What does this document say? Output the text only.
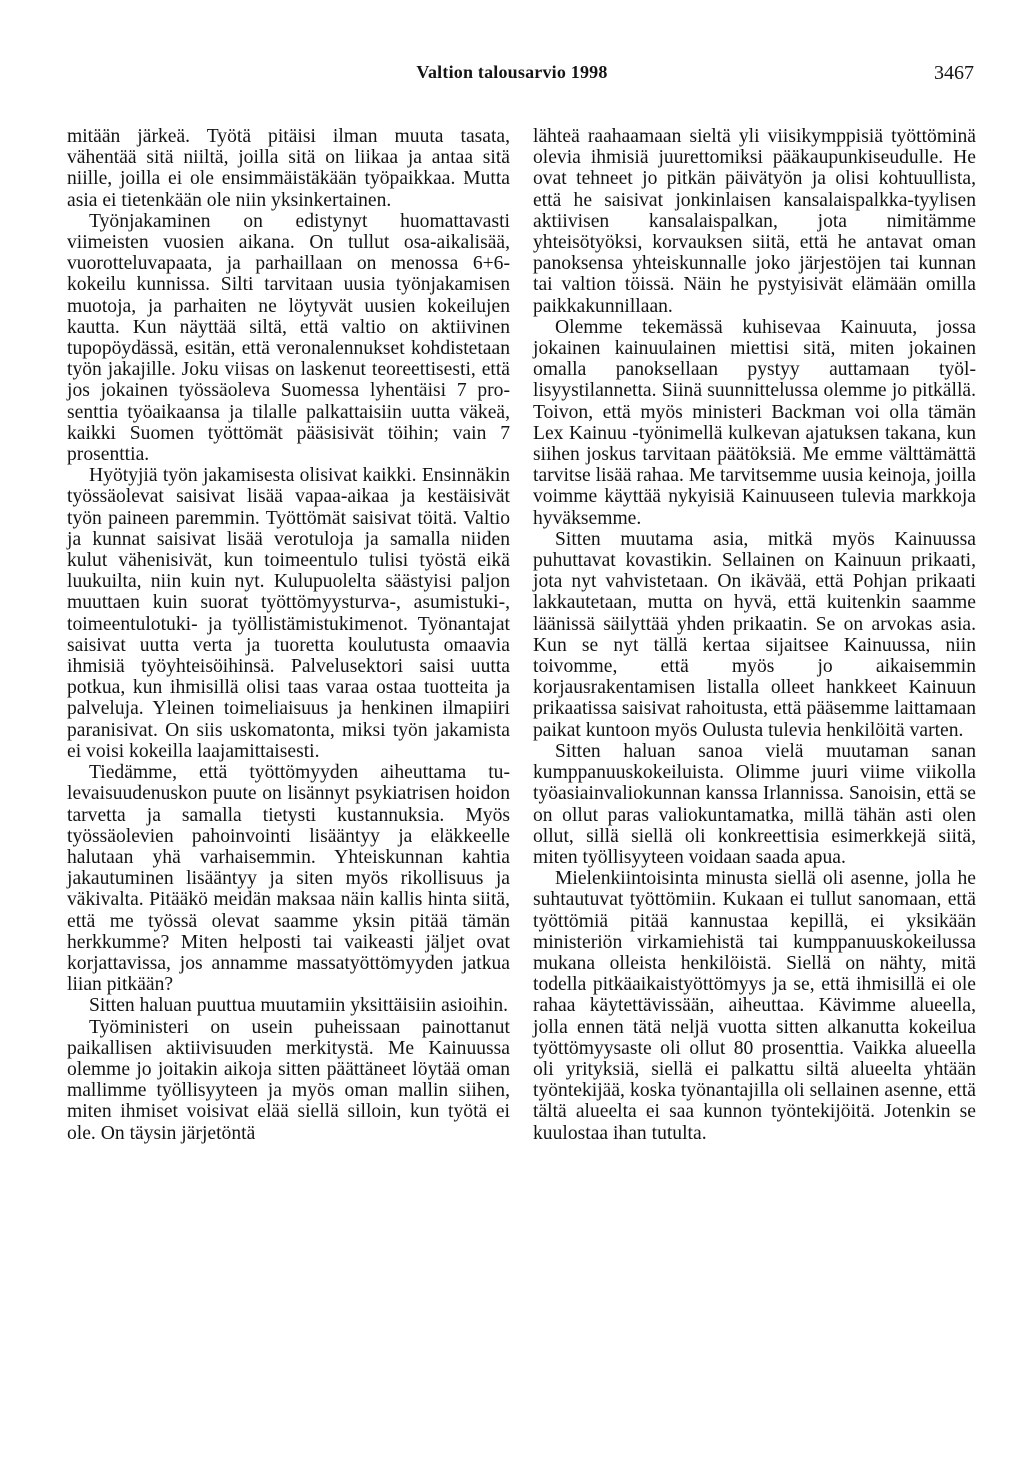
Valtion talousarvio 1998	3467

mitään järkeä. Työtä pitäisi ilman muuta tasata, vähentää sitä niiltä, joilla sitä on liikaa ja antaa sitä niille, joilla ei ole ensimmäistäkään työpaikkaa. Mutta asia ei tietenkään ole niin yksinkertainen.

Työnjakaminen on edistynyt huomattavasti viimeisten vuosien aikana. On tullut osa-aikalisää, vuorotteluvapaata, ja parhaillaan on menossa 6+6-kokeilu kunnissa. Silti tarvitaan uusia työnjakamisen muotoja, ja parhaiten ne löytyvät uusien kokeilujen kautta. Kun näyttää siltä, että valtio on aktiivinen tupopöydässä, esitän, että veronalennukset kohdistetaan työn jakajille. Joku viisas on laskenut teoreettisesti, että jos jokainen työssäoleva Suomessa lyhentäisi 7 prosenttia työaikaansa ja tilalle palkattaisiin uutta väkeä, kaikki Suomen työttömät pääsisivät töihin; vain 7 prosenttia.

Hyötyjiä työn jakamisesta olisivat kaikki. Ensinnäkin työssäolevat saisivat lisää vapaa-aikaa ja kestäisivät työn paineen paremmin. Työttömät saisivat töitä. Valtio ja kunnat saisivat lisää verotuloja ja samalla niiden kulut vähenisivät, kun toimeentulo tulisi työstä eikä luukuilta, niin kuin nyt. Kulupuolelta säästyisi paljon muuttaen kuin suorat työttömyysturva-, asumistuki-, toimeentulotuki- ja työllistämistukimenot. Työnantajat saisivat uutta verta ja tuoretta koulutusta omaavia ihmisiä työyhteisöihinsä. Palvelusektori saisi uutta potkua, kun ihmisillä olisi taas varaa ostaa tuotteita ja palveluja. Yleinen toimeliaisuus ja henkinen ilmapiiri paranisivat. On siis uskomatonta, miksi työn jakamista ei voisi kokeilla laajamittaisesti.

Tiedämme, että työttömyyden aiheuttama tulevaisuudenuskon puute on lisännyt psykiatrisen hoidon tarvetta ja samalla tietysti kustannuksia. Myös työssäolevien pahoinvointi lisääntyy ja eläkkeelle halutaan yhä varhaisemmin. Yhteiskunnan kahtia jakautuminen lisääntyy ja siten myös rikollisuus ja väkivalta. Pitääkö meidän maksaa näin kallis hinta siitä, että me työssä olevat saamme yksin pitää tämän herkkumme? Miten helposti tai vaikeasti jäljet ovat korjattavissa, jos annamme massatyöttömyyden jatkua liian pitkään?

Sitten haluan puuttua muutamiin yksittäisiin asioihin.

Työministeri on usein puheissaan painottanut paikallisen aktiivisuuden merkitystä. Me Kainuussa olemme jo joitakin aikoja sitten päättäneet löytää oman mallimme työllisyyteen ja myös oman mallin siihen, miten ihmiset voisivat elää siellä silloin, kun työtä ei ole. On täysin järjetöntä

lähteä raahaamaan sieltä yli viisikymppisiä työttöminä olevia ihmisiä juurettomiksi pääkaupunkiseudulle. He ovat tehneet jo pitkän päivätyön ja olisi kohtuullista, että he saisivat jonkinlaisen kansalaispalkka-tyylisen aktiivisen kansalaispalkan, jota nimitämme yhteisötyöksi, korvauksen siitä, että he antavat oman panoksensa yhteiskunnalle joko järjestöjen tai kunnan tai valtion töissä. Näin he pystyisivät elämään omilla paikkakunnillaan.

Olemme tekemässä kuhisevaa Kainuuta, jossa jokainen kainuulainen miettisi sitä, miten jokainen omalla panoksellaan pystyy auttamaan työllisyystilannetta. Siinä suunnittelussa olemme jo pitkällä. Toivon, että myös ministeri Backman voi olla tämän Lex Kainuu -työnimellä kulkevan ajatuksen takana, kun siihen joskus tarvitaan päätöksiä. Me emme välttämättä tarvitse lisää rahaa. Me tarvitsemme uusia keinoja, joilla voimme käyttää nykyisiä Kainuuseen tulevia markkoja hyväksemme.

Sitten muutama asia, mitkä myös Kainuussa puhuttavat kovastikin. Sellainen on Kainuun prikaati, jota nyt vahvistetaan. On ikävää, että Pohjan prikaati lakkautetaan, mutta on hyvä, että kuitenkin saamme läänissä säilyttää yhden prikaatin. Se on arvokas asia. Kun se nyt tällä kertaa sijaitsee Kainuussa, niin toivomme, että myös jo aikaisemmin korjausrakentamisen listalla olleet hankkeet Kainuun prikaatissa saisivat rahoitusta, että pääsemme laittamaan paikat kuntoon myös Oulusta tulevia henkilöitä varten.

Sitten haluan sanoa vielä muutaman sanan kumppanuuskokeiluista. Olimme juuri viime viikolla työasiainvaliokunnan kanssa Irlannissa. Sanoisin, että se on ollut paras valiokuntamatka, millä tähän asti olen ollut, sillä siellä oli konkreettisia esimerkkejä siitä, miten työllisyyteen voidaan saada apua.

Mielenkiintoisinta minusta siellä oli asenne, jolla he suhtautuvat työttömiin. Kukaan ei tullut sanomaan, että työttömiä pitää kannustaa kepillä, ei yksikään ministeriön virkamiehistä tai kumppanuuskokeilussa mukana olleista henkilöistä. Siellä on nähty, mitä todella pitkäaikaistyöttömyys ja se, että ihmisillä ei ole rahaa käytettävissään, aiheuttaa. Kävimme alueella, jolla ennen tätä neljä vuotta sitten alkanutta kokeilua työttömyysaste oli ollut 80 prosenttia. Vaikka alueella oli yrityksiä, siellä ei palkattu siltä alueelta yhtään työntekijää, koska työnantajilla oli sellainen asenne, että tältä alueelta ei saa kunnon työntekijöitä. Jotenkin se kuulostaa ihan tutulta.
